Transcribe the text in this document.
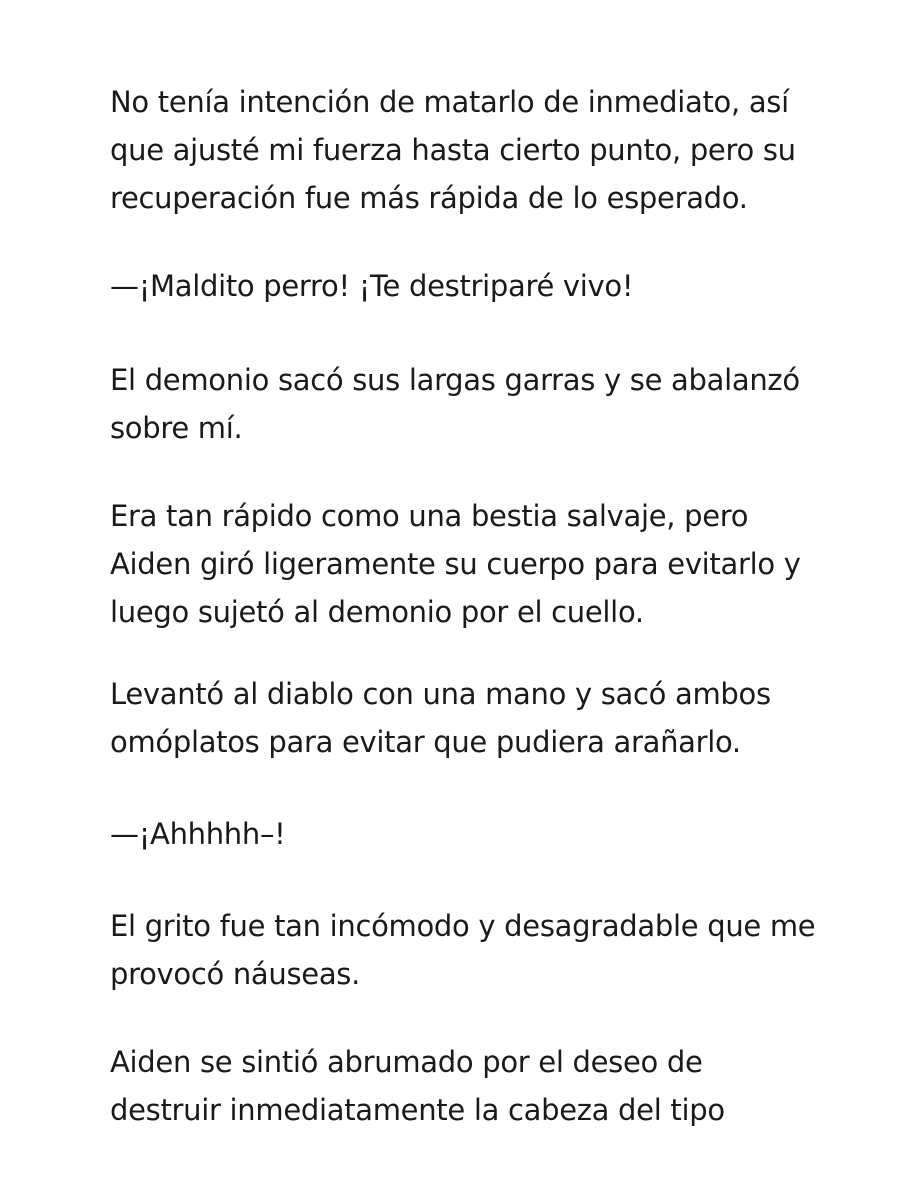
No tenía intención de matarlo de inmediato, así
que ajusté mi fuerza hasta cierto punto, pero su
recuperación fue más rápida de lo esperado.

—¡Maldito perro! ¡Te destriparé vivo!

El demonio sacó sus largas garras y se abalanzó
sobre mí.

Era tan rápido como una bestia salvaje, pero
Aiden giró ligeramente su cuerpo para evitarlo y
luego sujetó al demonio por el cuello.

Levantó al diablo con una mano y sacó ambos
omóplatos para evitar que pudiera arañarlo.

—¡Ahhhhh–!

El grito fue tan incómodo y desagradable que me
provocó náuseas.

Aiden se sintió abrumado por el deseo de
destruir inmediatamente la cabeza del tipo
